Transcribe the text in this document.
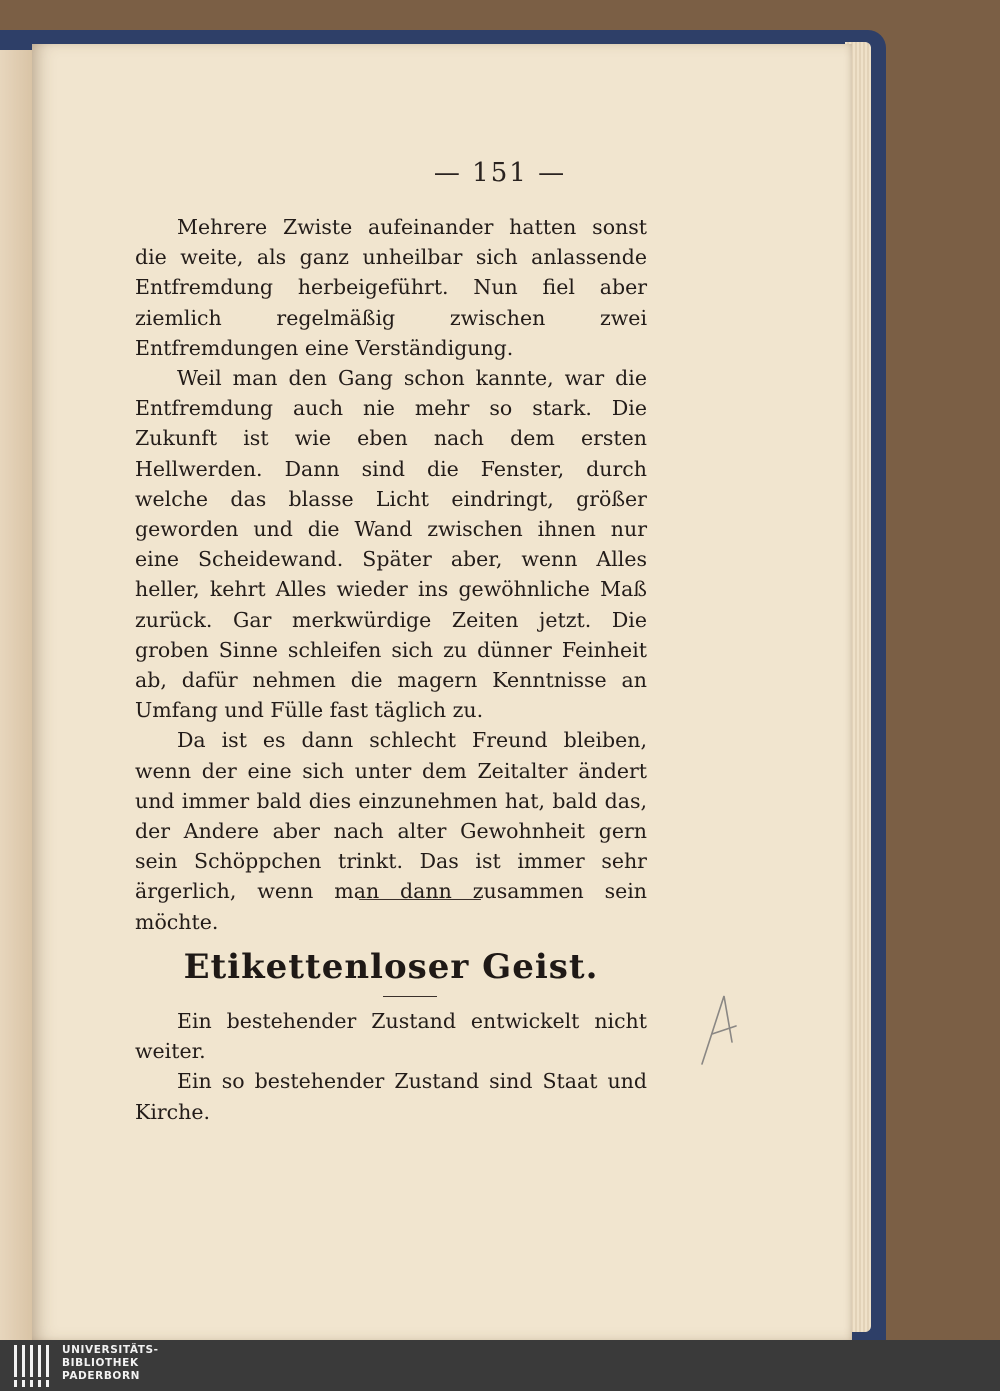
— 151 —

Mehrere Zwiste aufeinander hatten sonst die weite, als ganz unheilbar sich anlassende Entfremdung herbeigeführt. Nun fiel aber ziemlich regelmäßig zwischen zwei Entfremdungen eine Verständigung.

Weil man den Gang schon kannte, war die Entfremdung auch nie mehr so stark. Die Zukunft ist wie eben nach dem ersten Hellwerden. Dann sind die Fenster, durch welche das blasse Licht eindringt, größer geworden und die Wand zwischen ihnen nur eine Scheidewand. Später aber, wenn Alles heller, kehrt Alles wieder ins gewöhnliche Maß zurück. Gar merkwürdige Zeiten jetzt. Die groben Sinne schleifen sich zu dünner Feinheit ab, dafür nehmen die magern Kenntnisse an Umfang und Fülle fast täglich zu.

Da ist es dann schlecht Freund bleiben, wenn der eine sich unter dem Zeitalter ändert und immer bald dies einzunehmen hat, bald das, der Andere aber nach alter Gewohnheit gern sein Schöppchen trinkt. Das ist immer sehr ärgerlich, wenn man dann zusammen sein möchte.

Etikettenloser Geist.

Ein bestehender Zustand entwickelt nicht weiter.

Ein so bestehender Zustand sind Staat und Kirche.

UNIVERSITÄTS-
BIBLIOTHEK
PADERBORN
